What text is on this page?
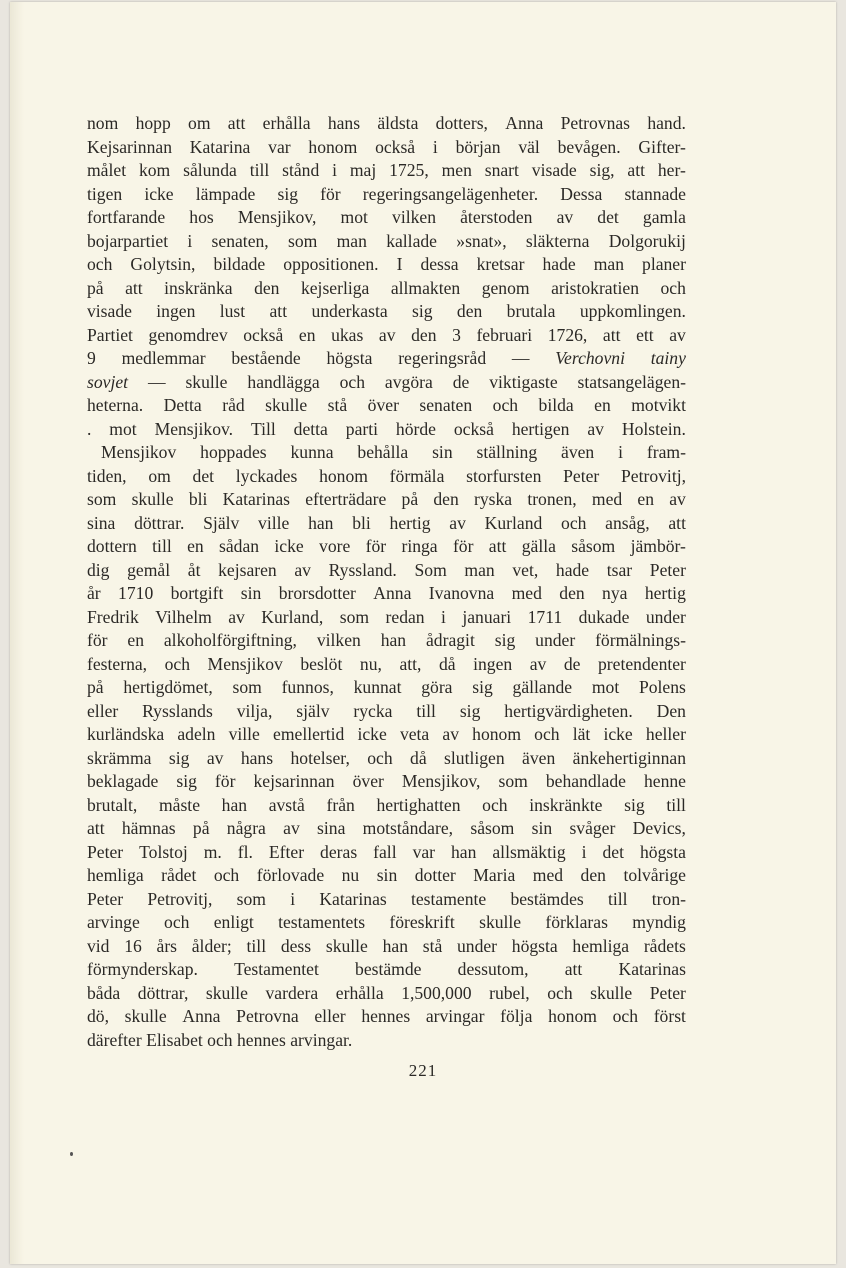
nom hopp om att erhålla hans äldsta dotters, Anna Petrovnas hand.
Kejsarinnan Katarina var honom också i början väl bevågen. Gifter-
målet kom sålunda till stånd i maj 1725, men snart visade sig, att her-
tigen icke lämpade sig för regeringsangelägenheter. Dessa stannade
fortfarande hos Mensjikov, mot vilken återstoden av det gamla
bojarpartiet i senaten, som man kallade »snat», släkterna Dolgorukij
och Golytsin, bildade oppositionen. I dessa kretsar hade man planer
på att inskränka den kejserliga allmakten genom aristokratien och
visade ingen lust att underkasta sig den brutala uppkomlingen.
Partiet genomdrev också en ukas av den 3 februari 1726, att ett av
9 medlemmar bestående högsta regeringsråd — Verchovni tainy
sovjet — skulle handlägga och avgöra de viktigaste statsangelägen-
heterna. Detta råd skulle stå över senaten och bilda en motvikt
. mot Mensjikov. Till detta parti hörde också hertigen av Holstein.
Mensjikov hoppades kunna behålla sin ställning även i fram-
tiden, om det lyckades honom förmäla storfursten Peter Petrovitj,
som skulle bli Katarinas efterträdare på den ryska tronen, med en av
sina döttrar. Själv ville han bli hertig av Kurland och ansåg, att
dottern till en sådan icke vore för ringa för att gälla såsom jämbör-
dig gemål åt kejsaren av Ryssland. Som man vet, hade tsar Peter
år 1710 bortgift sin brorsdotter Anna Ivanovna med den nya hertig
Fredrik Vilhelm av Kurland, som redan i januari 1711 dukade under
för en alkoholförgiftning, vilken han ådragit sig under förmälnings-
festerna, och Mensjikov beslöt nu, att, då ingen av de pretendenter
på hertigdömet, som funnos, kunnat göra sig gällande mot Polens
eller Rysslands vilja, själv rycka till sig hertigvärdigheten. Den
kurländska adeln ville emellertid icke veta av honom och lät icke heller
skrämma sig av hans hotelser, och då slutligen även änkehertiginnan
beklagade sig för kejsarinnan över Mensjikov, som behandlade henne
brutalt, måste han avstå från hertighatten och inskränkte sig till
att hämnas på några av sina motståndare, såsom sin svåger Devics,
Peter Tolstoj m. fl. Efter deras fall var han allsmäktig i det högsta
hemliga rådet och förlovade nu sin dotter Maria med den tolvårige
Peter Petrovitj, som i Katarinas testamente bestämdes till tron-
arvinge och enligt testamentets föreskrift skulle förklaras myndig
vid 16 års ålder; till dess skulle han stå under högsta hemliga rådets
förmynderskap. Testamentet bestämde dessutom, att Katarinas
båda döttrar, skulle vardera erhålla 1,500,000 rubel, och skulle Peter
dö, skulle Anna Petrovna eller hennes arvingar följa honom och först
därefter Elisabet och hennes arvingar.
221
